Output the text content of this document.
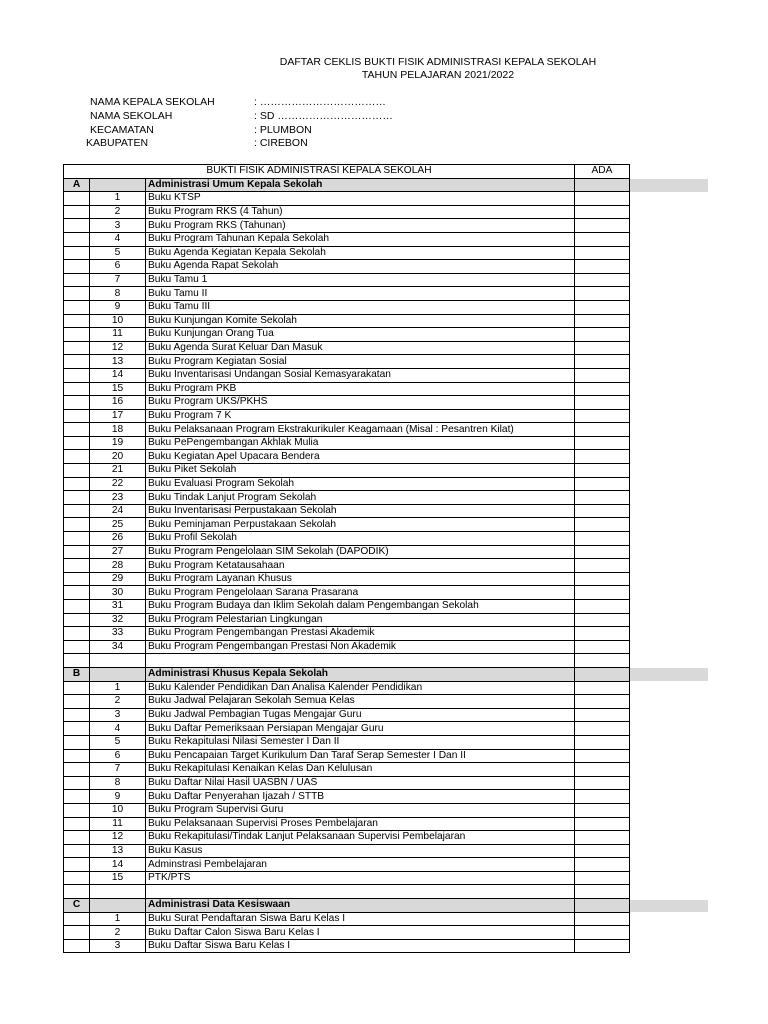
DAFTAR CEKLIS BUKTI FISIK ADMINISTRASI KEPALA SEKOLAH
TAHUN PELAJARAN 2021/2022
NAMA KEPALA SEKOLAH	: ………………………………
NAMA SEKOLAH	: SD ……………………………
KECAMATAN	: PLUMBON
KABUPATEN	: CIREBON
BUKTI FISIK ADMINISTRASI KEPALA SEKOLAH			ADA
A		Administrasi Umum Kepala Sekolah	
	1	Buku KTSP	
	2	Buku Program RKS (4 Tahun)	
	3	Buku Program RKS (Tahunan)	
	4	Buku Program Tahunan Kepala Sekolah	
	5	Buku Agenda Kegiatan Kepala Sekolah	
	6	Buku Agenda Rapat Sekolah	
	7	Buku Tamu 1	
	8	Buku Tamu II	
	9	Buku Tamu III	
	10	Buku Kunjungan Komite Sekolah	
	11	Buku Kunjungan Orang Tua	
	12	Buku Agenda Surat Keluar Dan Masuk	
	13	Buku Program Kegiatan Sosial	
	14	Buku Inventarisasi Undangan Sosial Kemasyarakatan	
	15	Buku Program PKB	
	16	Buku Program UKS/PKHS	
	17	Buku Program 7 K	
	18	Buku Pelaksanaan Program Ekstrakurikuler Keagamaan (Misal : Pesantren Kilat)	
	19	Buku PePengembangan Akhlak Mulia	
	20	Buku Kegiatan Apel Upacara Bendera	
	21	Buku Piket Sekolah	
	22	Buku Evaluasi Program Sekolah	
	23	Buku Tindak Lanjut Program Sekolah	
	24	Buku Inventarisasi Perpustakaan Sekolah	
	25	Buku Peminjaman Perpustakaan Sekolah	
	26	Buku Profil Sekolah	
	27	Buku Program Pengelolaan SIM Sekolah (DAPODIK)	
	28	Buku Program Ketatausahaan	
	29	Buku Program Layanan Khusus	
	30	Buku Program Pengelolaan Sarana Prasarana	
	31	Buku Program Budaya dan Iklim Sekolah dalam Pengembangan Sekolah	
	32	Buku Program Pelestarian Lingkungan	
	33	Buku Program Pengembangan Prestasi Akademik	
	34	Buku Program Pengembangan Prestasi Non Akademik	

B		Administrasi Khusus Kepala Sekolah	
	1	Buku Kalender Pendidikan Dan Analisa Kalender Pendidikan	
	2	Buku Jadwal Pelajaran Sekolah Semua Kelas	
	3	Buku Jadwal Pembagian Tugas Mengajar Guru	
	4	Buku Daftar Pemeriksaan Persiapan Mengajar Guru	
	5	Buku Rekapitulasi Nilasi Semester I Dan II	
	6	Buku Pencapaian Target Kurikulum Dan Taraf Serap Semester I Dan II	
	7	Buku Rekapitulasi Kenaikan Kelas Dan Kelulusan	
	8	Buku Daftar Nilai Hasil UASBN / UAS	
	9	Buku Daftar Penyerahan Ijazah / STTB	
	10	Buku Program Supervisi Guru	
	11	Buku Pelaksanaan Supervisi Proses Pembelajaran	
	12	Buku Rekapitulasi/Tindak Lanjut Pelaksanaan Supervisi Pembelajaran	
	13	Buku Kasus	
	14	Adminstrasi Pembelajaran	
	15	PTK/PTS	

C		Administrasi Data Kesiswaan	
	1	Buku Surat Pendaftaran Siswa Baru Kelas I	
	2	Buku Daftar Calon Siswa Baru Kelas I	
	3	Buku Daftar Siswa Baru Kelas I	
